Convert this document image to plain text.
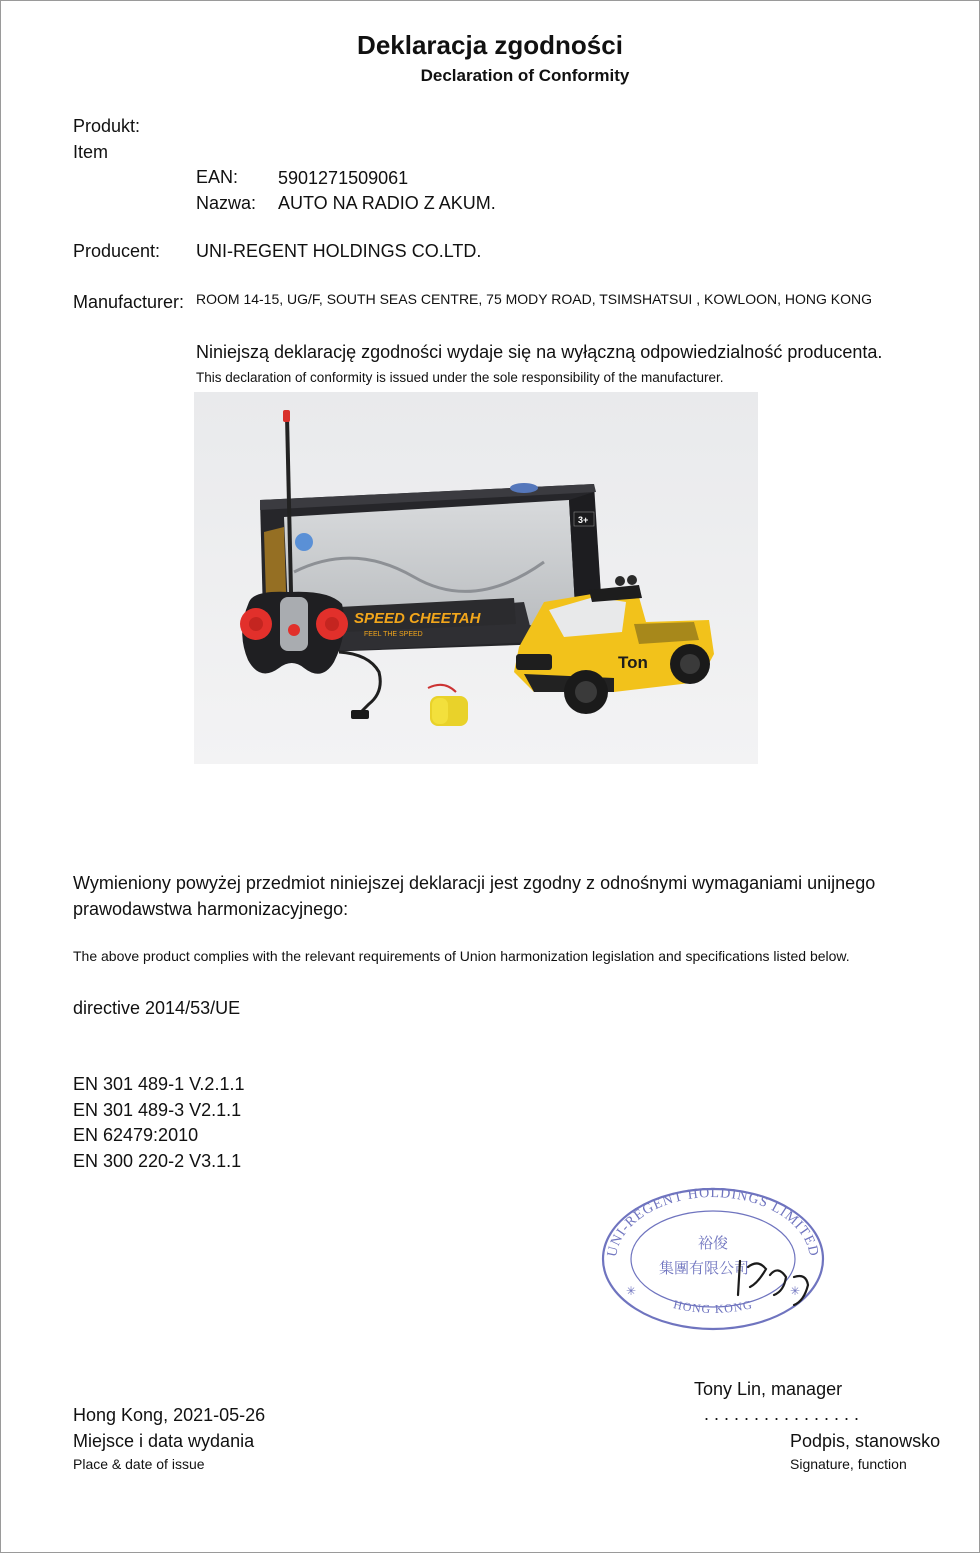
Deklaracja zgodności
Declaration of Conformity
Produkt:
Item
EAN: 5901271509061
Nazwa: AUTO NA RADIO Z AKUM.
Producent: UNI-REGENT HOLDINGS CO.LTD.
Manufacturer: ROOM 14-15, UG/F, SOUTH SEAS CENTRE, 75 MODY ROAD, TSIMSHATSUI , KOWLOON, HONG KONG
Niniejszą deklarację zgodności wydaje się na wyłączną odpowiedzialność producenta.
This declaration of conformity is issued under the sole responsibility of the manufacturer.
SPEED CHEETAH
FEEL THE SPEED
3+
Ton
Wymieniony powyżej przedmiot niniejszej deklaracji jest zgodny z odnośnymi wymaganiami unijnego
prawodawstwa harmonizacyjnego:
The above product complies with the relevant requirements of Union harmonization legislation and specifications listed below.
directive 2014/53/UE
EN 301 489-1 V.2.1.1
EN 301 489-3 V2.1.1
EN 62479:2010
EN 300 220-2 V3.1.1
UNI-REGENT HOLDINGS LIMITED
HONG KONG
✳	✳
裕俊
集團有限公司
Tony Lin, manager
. . . . . . . . . . . . . . . .
Podpis, stanowsko
Signature, function
Hong Kong, 2021-05-26
Miejsce i data wydania
Place & date of issue
